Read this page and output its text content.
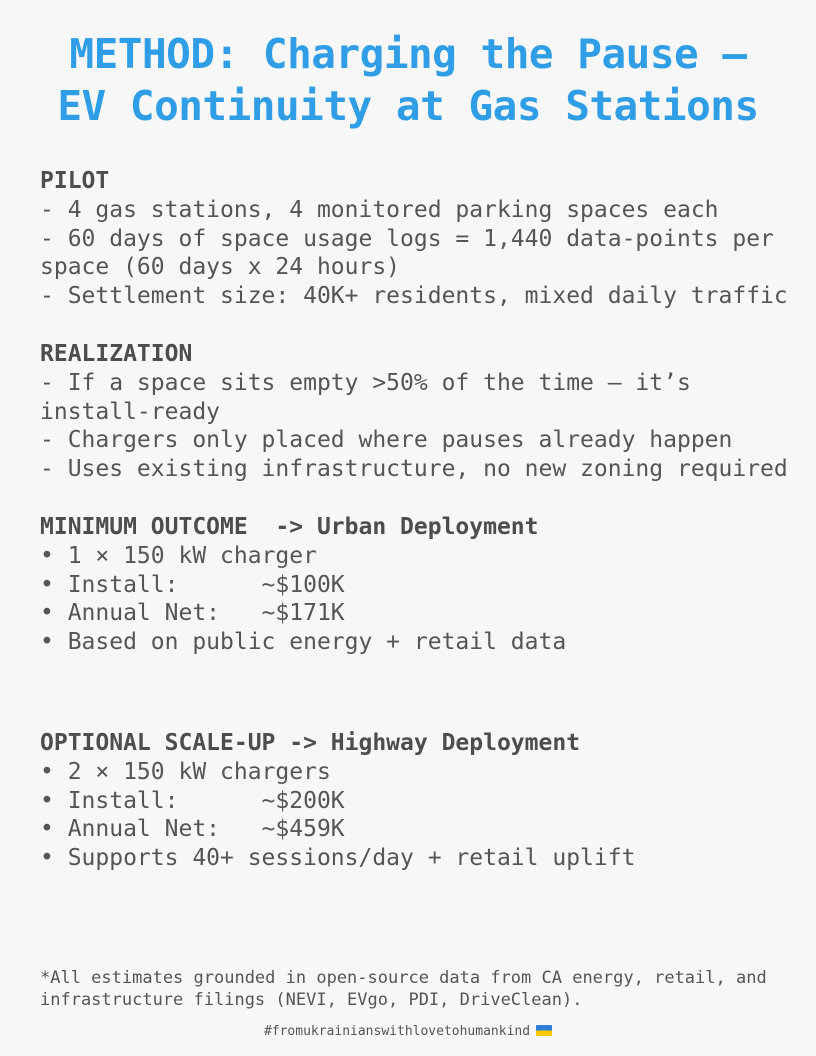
METHOD: Charging the Pause —
EV Continuity at Gas Stations
PILOT
- 4 gas stations, 4 monitored parking spaces each
- 60 days of space usage logs = 1,440 data-points per space (60 days x 24 hours)
- Settlement size: 40K+ residents, mixed daily traffic
REALIZATION
- If a space sits empty >50% of the time — it’s install-ready
- Chargers only placed where pauses already happen
- Uses existing infrastructure, no new zoning required
MINIMUM OUTCOME  -> Urban Deployment
• 1 × 150 kW charger
• Install:      ~$100K
• Annual Net:   ~$171K
• Based on public energy + retail data
OPTIONAL SCALE-UP -> Highway Deployment
• 2 × 150 kW chargers
• Install:      ~$200K
• Annual Net:   ~$459K
• Supports 40+ sessions/day + retail uplift
*All estimates grounded in open-source data from CA energy, retail, and infrastructure filings (NEVI, EVgo, PDI, DriveClean).
#fromukrainianswithlovetohumankind
